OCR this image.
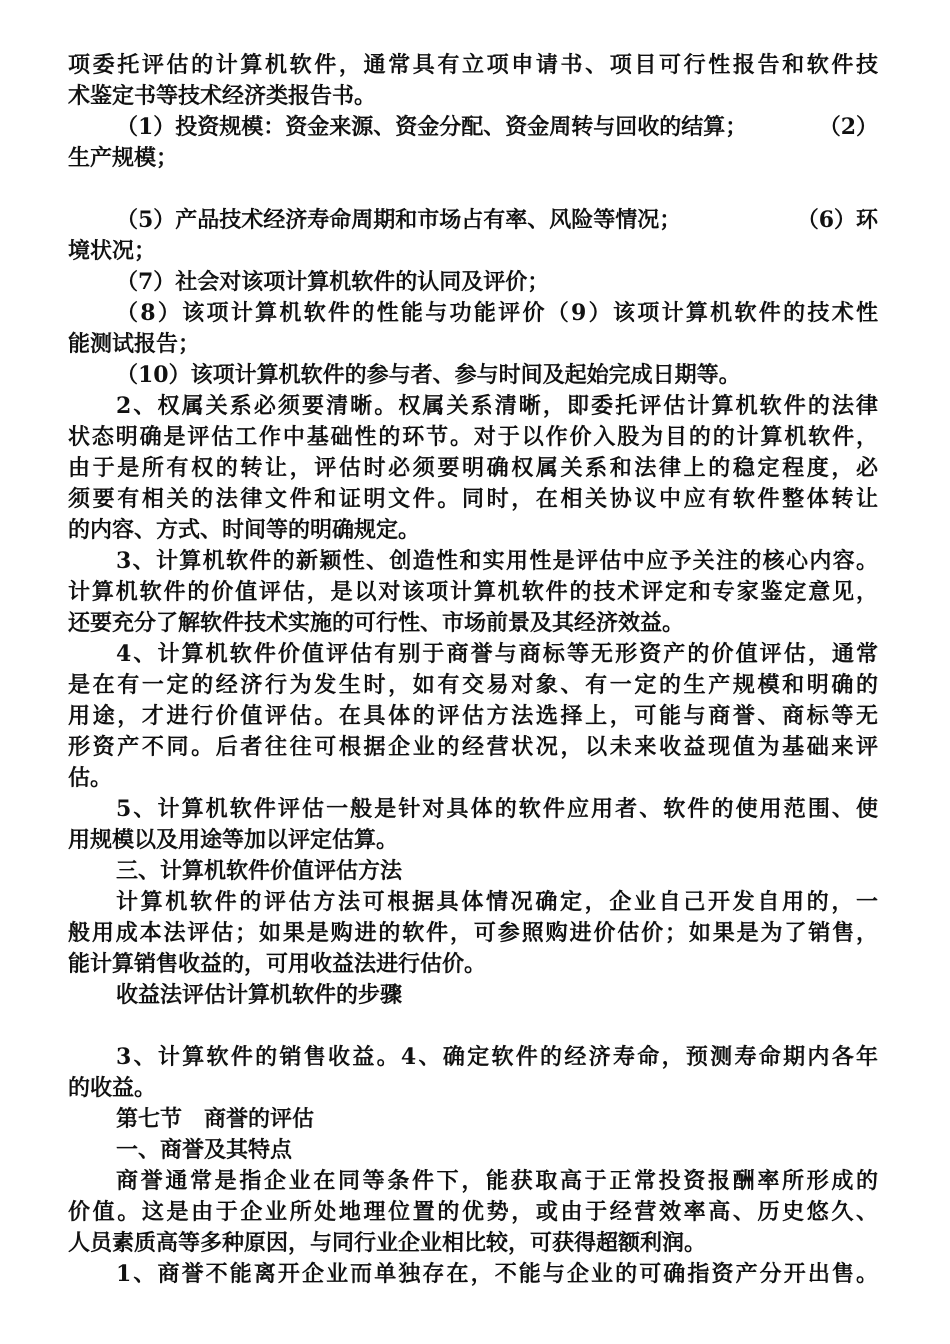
项委托评估的计算机软件，通常具有立项申请书、项目可行性报告和软件技
术鉴定书等技术经济类报告书。
（1）投资规模：资金来源、资金分配、资金周转与回收的结算；	（2）
生产规模；

（5）产品技术经济寿命周期和市场占有率、风险等情况；	（6）环
境状况；
（7）社会对该项计算机软件的认同及评价；
（8）该项计算机软件的性能与功能评价（9）该项计算机软件的技术性
能测试报告；
（10）该项计算机软件的参与者、参与时间及起始完成日期等。
2、权属关系必须要清晰。权属关系清晰，即委托评估计算机软件的法律
状态明确是评估工作中基础性的环节。对于以作价入股为目的的计算机软件，
由于是所有权的转让，评估时必须要明确权属关系和法律上的稳定程度，必
须要有相关的法律文件和证明文件。同时，在相关协议中应有软件整体转让
的内容、方式、时间等的明确规定。
3、计算机软件的新颖性、创造性和实用性是评估中应予关注的核心内容。
计算机软件的价值评估，是以对该项计算机软件的技术评定和专家鉴定意见，
还要充分了解软件技术实施的可行性、市场前景及其经济效益。
4、计算机软件价值评估有别于商誉与商标等无形资产的价值评估，通常
是在有一定的经济行为发生时，如有交易对象、有一定的生产规模和明确的
用途，才进行价值评估。在具体的评估方法选择上，可能与商誉、商标等无
形资产不同。后者往往可根据企业的经营状况，以未来收益现值为基础来评
估。
5、计算机软件评估一般是针对具体的软件应用者、软件的使用范围、使
用规模以及用途等加以评定估算。
三、计算机软件价值评估方法
计算机软件的评估方法可根据具体情况确定，企业自己开发自用的，一
般用成本法评估；如果是购进的软件，可参照购进价估价；如果是为了销售，
能计算销售收益的，可用收益法进行估价。
收益法评估计算机软件的步骤

3、计算软件的销售收益。4、确定软件的经济寿命，预测寿命期内各年
的收益。
第七节　商誉的评估
一、商誉及其特点
商誉通常是指企业在同等条件下，能获取高于正常投资报酬率所形成的
价值。这是由于企业所处地理位置的优势，或由于经营效率高、历史悠久、
人员素质高等多种原因，与同行业企业相比较，可获得超额利润。
1、商誉不能离开企业而单独存在，不能与企业的可确指资产分开出售。
